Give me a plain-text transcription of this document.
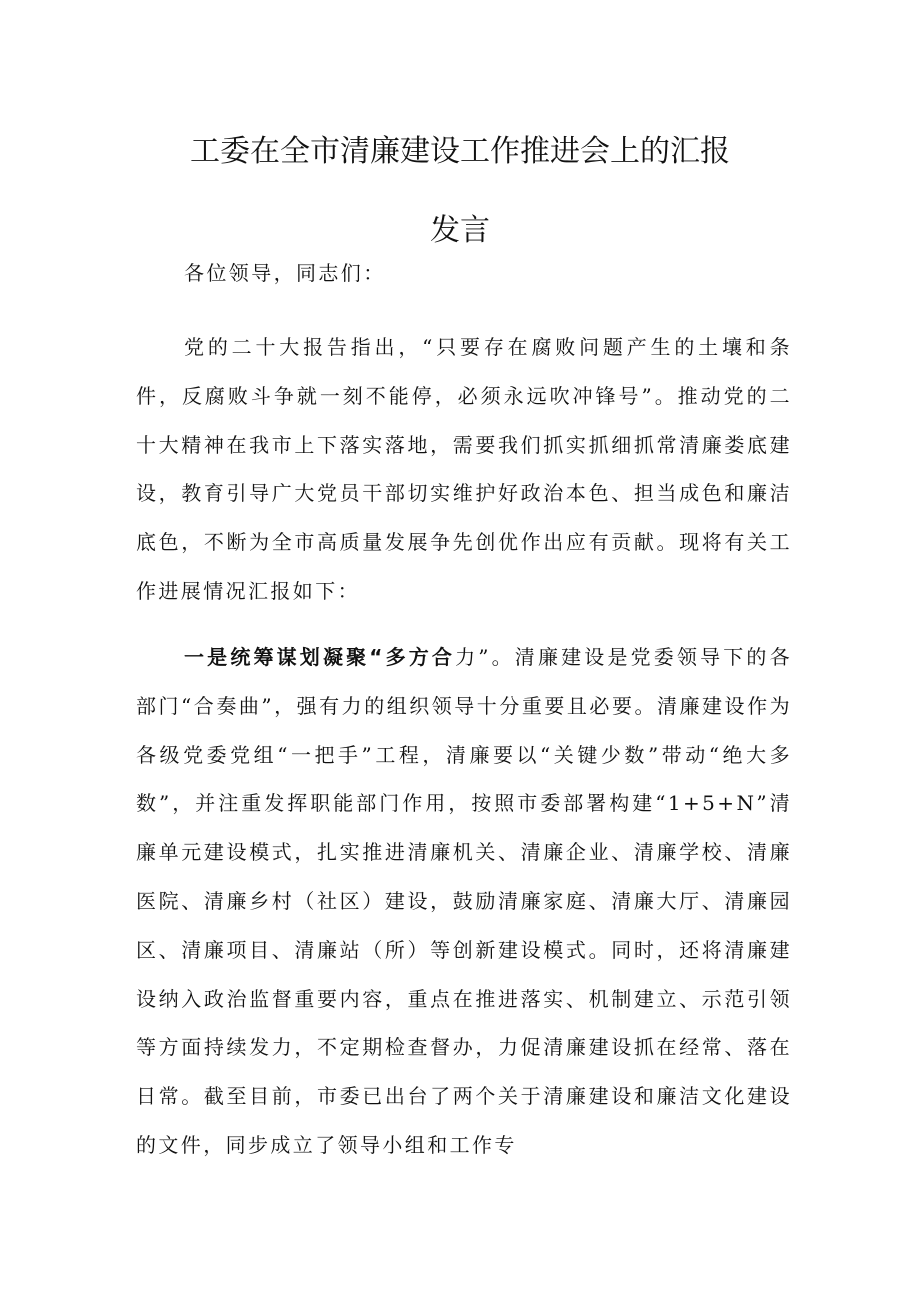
工委在全市清廉建设工作推进会上的汇报
发言

各位领导，同志们：

党的二十大报告指出，“只要存在腐败问题产生的土壤和条件，反腐败斗争就一刻不能停，必须永远吹冲锋号”。推动党的二十大精神在我市上下落实落地，需要我们抓实抓细抓常清廉娄底建设，教育引导广大党员干部切实维护好政治本色、担当成色和廉洁底色，不断为全市高质量发展争先创优作出应有贡献。现将有关工作进展情况汇报如下：

一是统筹谋划凝聚“多方合力”。清廉建设是党委领导下的各部门“合奏曲”，强有力的组织领导十分重要且必要。清廉建设作为各级党委党组“一把手”工程，清廉要以“关键少数”带动“绝大多数”，并注重发挥职能部门作用，按照市委部署构建“1+5+N”清廉单元建设模式，扎实推进清廉机关、清廉企业、清廉学校、清廉医院、清廉乡村（社区）建设，鼓励清廉家庭、清廉大厅、清廉园区、清廉项目、清廉站（所）等创新建设模式。同时，还将清廉建设纳入政治监督重要内容，重点在推进落实、机制建立、示范引领等方面持续发力，不定期检查督办，力促清廉建设抓在经常、落在日常。截至目前，市委已出台了两个关于清廉建设和廉洁文化建设的文件，同步成立了领导小组和工作专
